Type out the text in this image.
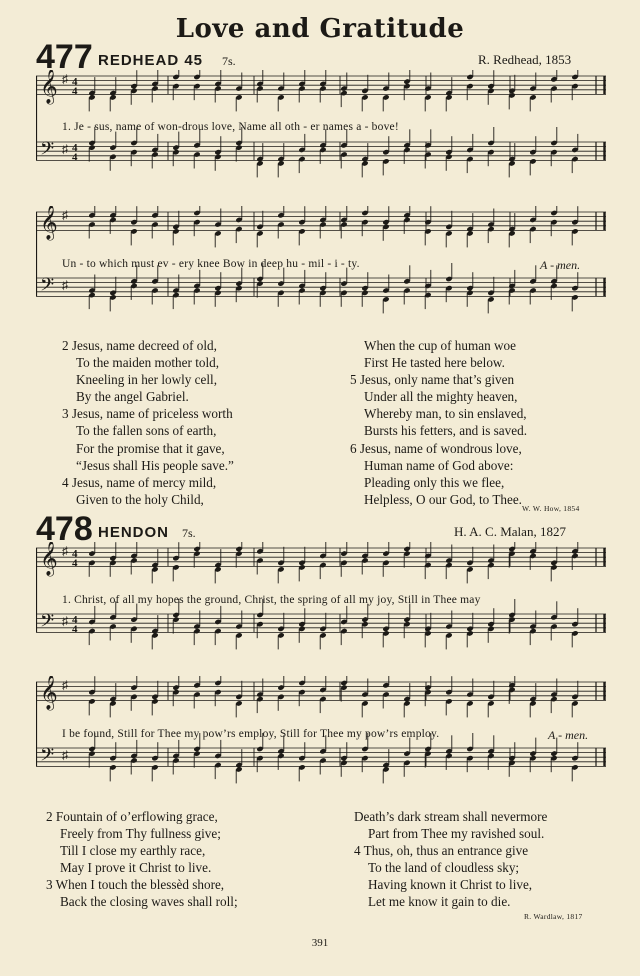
Love and Gratitude
477 REDHEAD 45 7s.	R. Redhead, 1853
𝄞 ♯ 4
4
𝄢 ♯ 4
4
1. Je - sus, name of won-drous love, Name all oth - er names a - bove!
𝄞 ♯
𝄢 ♯
Un - to which must ev - ery knee Bow in deep hu - mil - i - ty.	A - men.
2 Jesus, name decreed of old,
To the maiden mother told,
Kneeling in her lowly cell,
By the angel Gabriel.
3 Jesus, name of priceless worth
To the fallen sons of earth,
For the promise that it gave,
“Jesus shall His people save.”
4 Jesus, name of mercy mild,
Given to the holy Child,
When the cup of human woe
First He tasted here below.
5 Jesus, only name that’s given
Under all the mighty heaven,
Whereby man, to sin enslaved,
Bursts his fetters, and is saved.
6 Jesus, name of wondrous love,
Human name of God above:
Pleading only this we flee,
Helpless, O our God, to Thee.
W. W. How, 1854
478 HENDON 7s.	H. A. C. Malan, 1827
𝄞 ♯ 4
4
𝄢 ♯ 4
4
1. Christ, of all my hopes the ground, Christ, the spring of all my joy, Still in Thee may
𝄞 ♯
𝄢 ♯
I be found, Still for Thee my pow’rs employ, Still for Thee my pow’rs employ.	A - men.
2 Fountain of o’erflowing grace,
Freely from Thy fullness give;
Till I close my earthly race,
May I prove it Christ to live.
3 When I touch the blessèd shore,
Back the closing waves shall roll;
Death’s dark stream shall nevermore
Part from Thee my ravished soul.
4 Thus, oh, thus an entrance give
To the land of cloudless sky;
Having known it Christ to live,
Let me know it gain to die.
R. Wardlaw, 1817
391
